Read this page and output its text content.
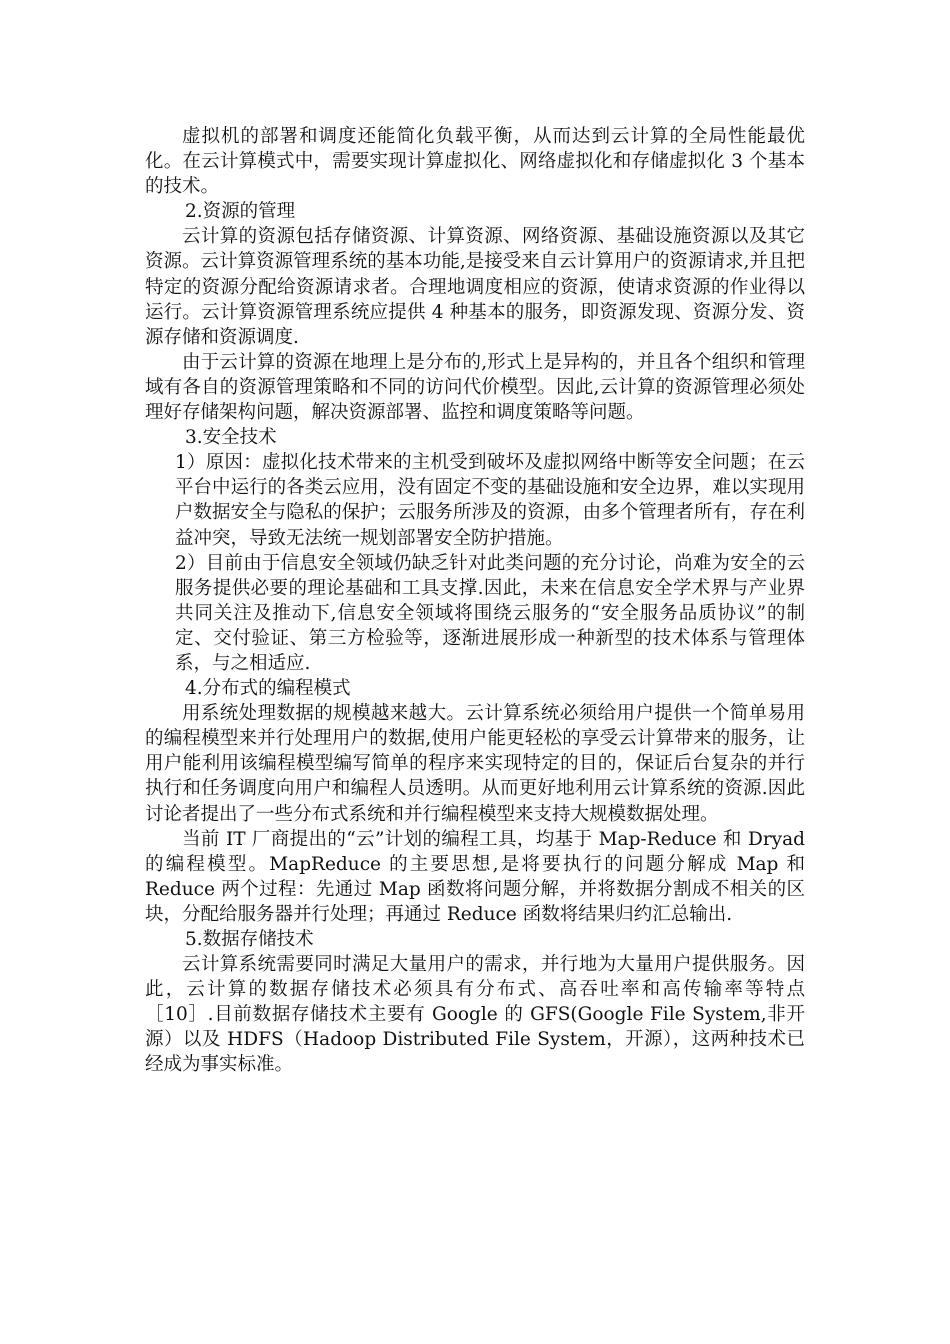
虚拟机的部署和调度还能简化负载平衡，从而达到云计算的全局性能最优化。在云计算模式中，需要实现计算虚拟化、网络虚拟化和存储虚拟化 3 个基本的技术。

2.资源的管理

云计算的资源包括存储资源、计算资源、网络资源、基础设施资源以及其它资源。云计算资源管理系统的基本功能,是接受来自云计算用户的资源请求,并且把特定的资源分配给资源请求者。合理地调度相应的资源，使请求资源的作业得以运行。云计算资源管理系统应提供 4 种基本的服务，即资源发现、资源分发、资源存储和资源调度.

由于云计算的资源在地理上是分布的,形式上是异构的，并且各个组织和管理域有各自的资源管理策略和不同的访问代价模型。因此,云计算的资源管理必须处理好存储架构问题，解决资源部署、监控和调度策略等问题。

3.安全技术

1）原因：虚拟化技术带来的主机受到破坏及虚拟网络中断等安全问题；在云平台中运行的各类云应用，没有固定不变的基础设施和安全边界，难以实现用户数据安全与隐私的保护；云服务所涉及的资源，由多个管理者所有，存在利益冲突，导致无法统一规划部署安全防护措施。

2）目前由于信息安全领域仍缺乏针对此类问题的充分讨论，尚难为安全的云服务提供必要的理论基础和工具支撑.因此，未来在信息安全学术界与产业界共同关注及推动下,信息安全领域将围绕云服务的“安全服务品质协议”的制定、交付验证、第三方检验等，逐渐进展形成一种新型的技术体系与管理体系，与之相适应.

4.分布式的编程模式

用系统处理数据的规模越来越大。云计算系统必须给用户提供一个简单易用的编程模型来并行处理用户的数据,使用户能更轻松的享受云计算带来的服务，让用户能利用该编程模型编写简单的程序来实现特定的目的，保证后台复杂的并行执行和任务调度向用户和编程人员透明。从而更好地利用云计算系统的资源.因此讨论者提出了一些分布式系统和并行编程模型来支持大规模数据处理。

当前 IT 厂商提出的“云”计划的编程工具，均基于 Map-Reduce 和 Dryad 的编程模型。MapReduce 的主要思想,是将要执行的问题分解成 Map 和 Reduce 两个过程：先通过 Map 函数将问题分解，并将数据分割成不相关的区块，分配给服务器并行处理；再通过 Reduce 函数将结果归约汇总输出.

5.数据存储技术

云计算系统需要同时满足大量用户的需求，并行地为大量用户提供服务。因此，云计算的数据存储技术必须具有分布式、高吞吐率和高传输率等特点 ［10］.目前数据存储技术主要有 Google 的 GFS(Google File System,非开源）以及 HDFS（Hadoop Distributed File System，开源），这两种技术已经成为事实标准。
